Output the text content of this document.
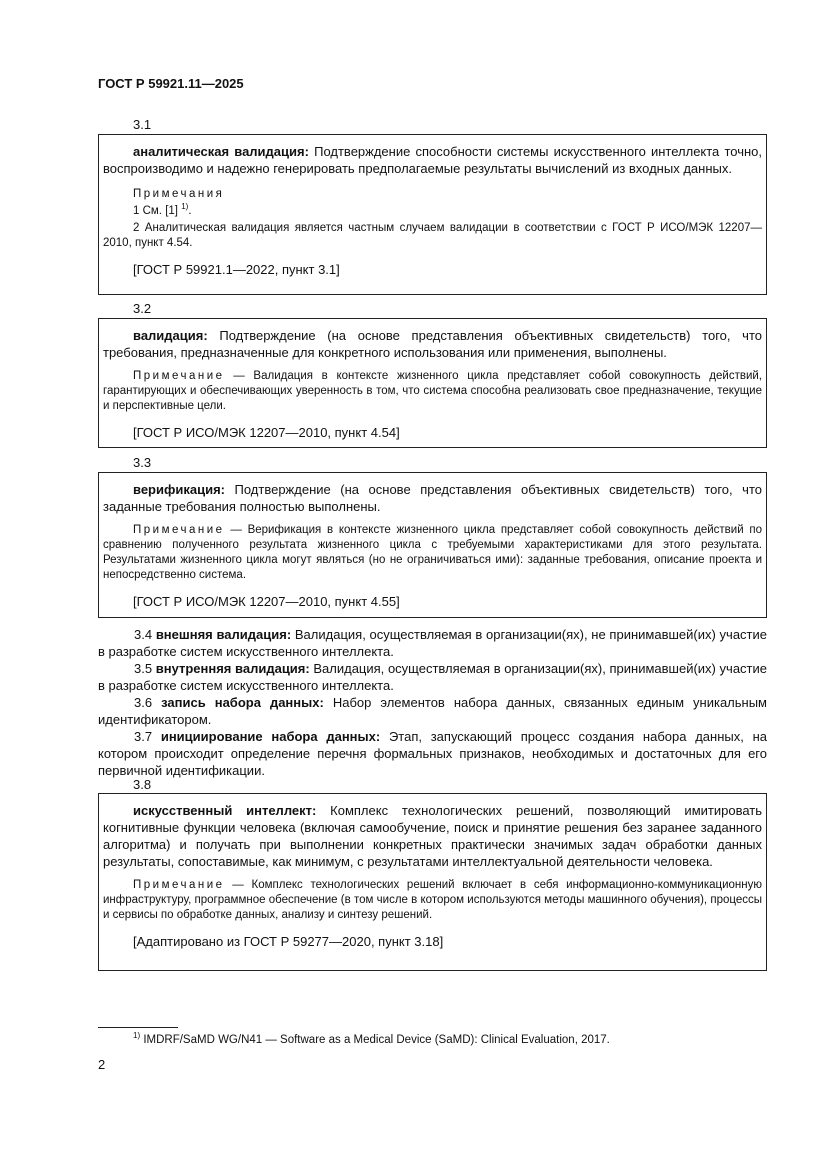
ГОСТ Р 59921.11—2025
3.1

аналитическая валидация: Подтверждение способности системы искусственного интеллекта точно, воспроизводимо и надежно генерировать предполагаемые результаты вычислений из входных данных.

Примечания

1 См. [1] $^{1)}$.

2 Аналитическая валидация является частным случаем валидации в соответствии с ГОСТ Р ИСО/МЭК 12207—2010, пункт 4.54.

[ГОСТ Р 59921.1—2022, пункт 3.1]

3.2

валидация: Подтверждение (на основе представления объективных свидетельств) того, что требования, предназначенные для конкретного использования или применения, выполнены.

Примечание — Валидация в контексте жизненного цикла представляет собой совокупность действий, гарантирующих и обеспечивающих уверенность в том, что система способна реализовать свое предназначение, текущие и перспективные цели.

[ГОСТ Р ИСО/МЭК 12207—2010, пункт 4.54]

3.3

верификация: Подтверждение (на основе представления объективных свидетельств) того, что заданные требования полностью выполнены.

Примечание — Верификация в контексте жизненного цикла представляет собой совокупность действий по сравнению полученного результата жизненного цикла с требуемыми характеристиками для этого результата. Результатами жизненного цикла могут являться (но не ограничиваться ими): заданные требования, описание проекта и непосредственно система.

[ГОСТ Р ИСО/МЭК 12207—2010, пункт 4.55]

3.4 внешняя валидация: Валидация, осуществляемая в организации(ях), не принимавшей(их) участие в разработке систем искусственного интеллекта.

3.5 внутренняя валидация: Валидация, осуществляемая в организации(ях), принимавшей(их) участие в разработке систем искусственного интеллекта.

3.6 запись набора данных: Набор элементов набора данных, связанных единым уникальным идентификатором.

3.7 инициирование набора данных: Этап, запускающий процесс создания набора данных, на котором происходит определение перечня формальных признаков, необходимых и достаточных для его первичной идентификации.

3.8

искусственный интеллект: Комплекс технологических решений, позволяющий имитировать когнитивные функции человека (включая самообучение, поиск и принятие решения без заранее заданного алгоритма) и получать при выполнении конкретных практически значимых задач обработки данных результаты, сопоставимые, как минимум, с результатами интеллектуальной деятельности человека.

Примечание — Комплекс технологических решений включает в себя информационно-коммуникационную инфраструктуру, программное обеспечение (в том числе в котором используются методы машинного обучения), процессы и сервисы по обработке данных, анализу и синтезу решений.

[Адаптировано из ГОСТ Р 59277—2020, пункт 3.18]

$^{1)}$ IMDRF/SaMD WG/N41 — Software as a Medical Device (SaMD): Clinical Evaluation, 2017.
2
